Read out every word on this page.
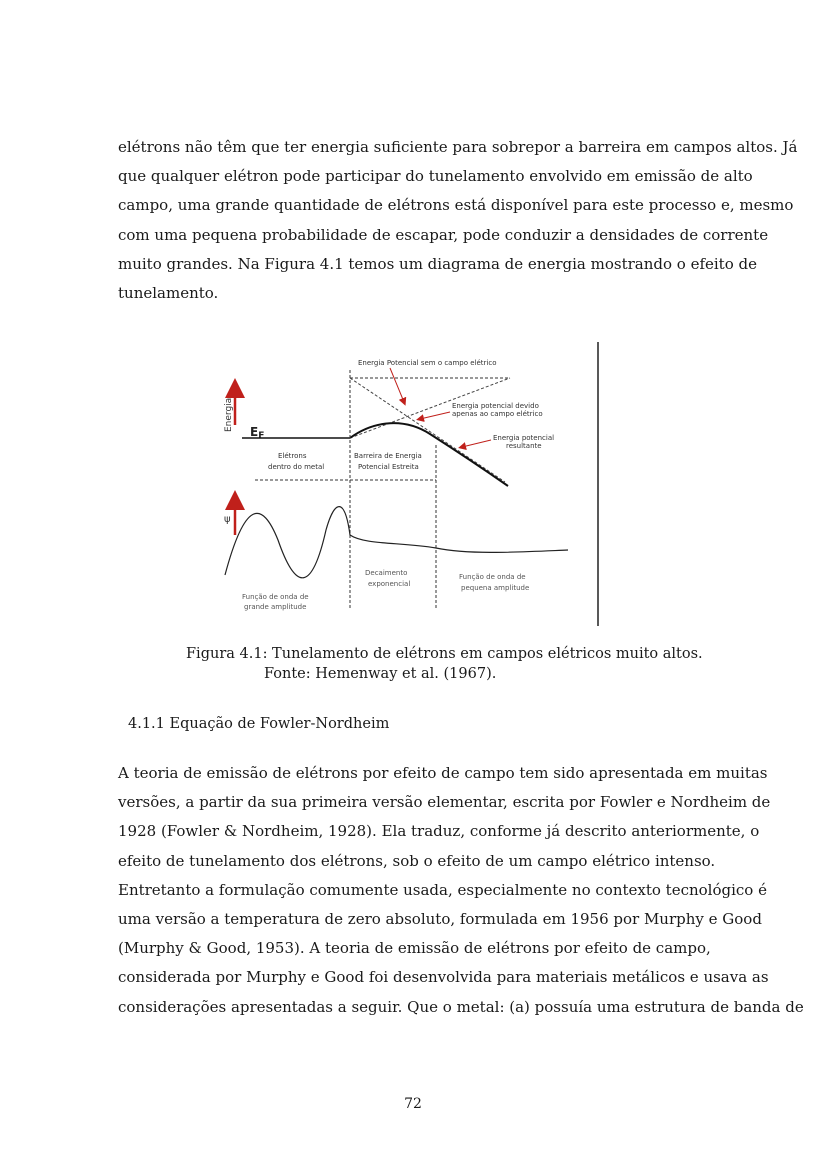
elétrons não têm que ter energia suficiente para sobrepor a barreira em campos altos. Já
que qualquer elétron pode participar do tunelamento envolvido em emissão de alto
campo, uma grande quantidade de elétrons está disponível para este processo e, mesmo
com uma pequena probabilidade de escapar, pode conduzir a densidades de corrente
muito grandes. Na Figura 4.1 temos um diagrama de energia mostrando o efeito de
tunelamento.
Energia EF
Energia Potencial sem o campo elétrico
Energia potencial devido
apenas ao campo elétrico
Energia potencial
resultante
Elétrons
dentro do metal
Barreira de Energia
Potencial Estreita
ψ
Função de onda de
grande amplitude
Decaimento
exponencial
Função de onda de
pequena amplitude
Figura 4.1: Tunelamento de elétrons em campos elétricos muito altos.
Fonte: Hemenway et al. (1967).
4.1.1 Equação de Fowler-Nordheim
A teoria de emissão de elétrons por efeito de campo tem sido apresentada em muitas
versões, a partir da sua primeira versão elementar, escrita por Fowler e Nordheim de
1928 (Fowler & Nordheim, 1928). Ela traduz, conforme já descrito anteriormente, o
efeito de tunelamento dos elétrons, sob o efeito de um campo elétrico intenso.
Entretanto a formulação comumente usada, especialmente no contexto tecnológico é
uma versão a temperatura de zero absoluto, formulada em 1956 por Murphy e Good
(Murphy & Good, 1953). A teoria de emissão de elétrons por efeito de campo,
considerada por Murphy e Good foi desenvolvida para materiais metálicos e usava as
considerações apresentadas a seguir. Que o metal: (a) possuía uma estrutura de banda de
72
